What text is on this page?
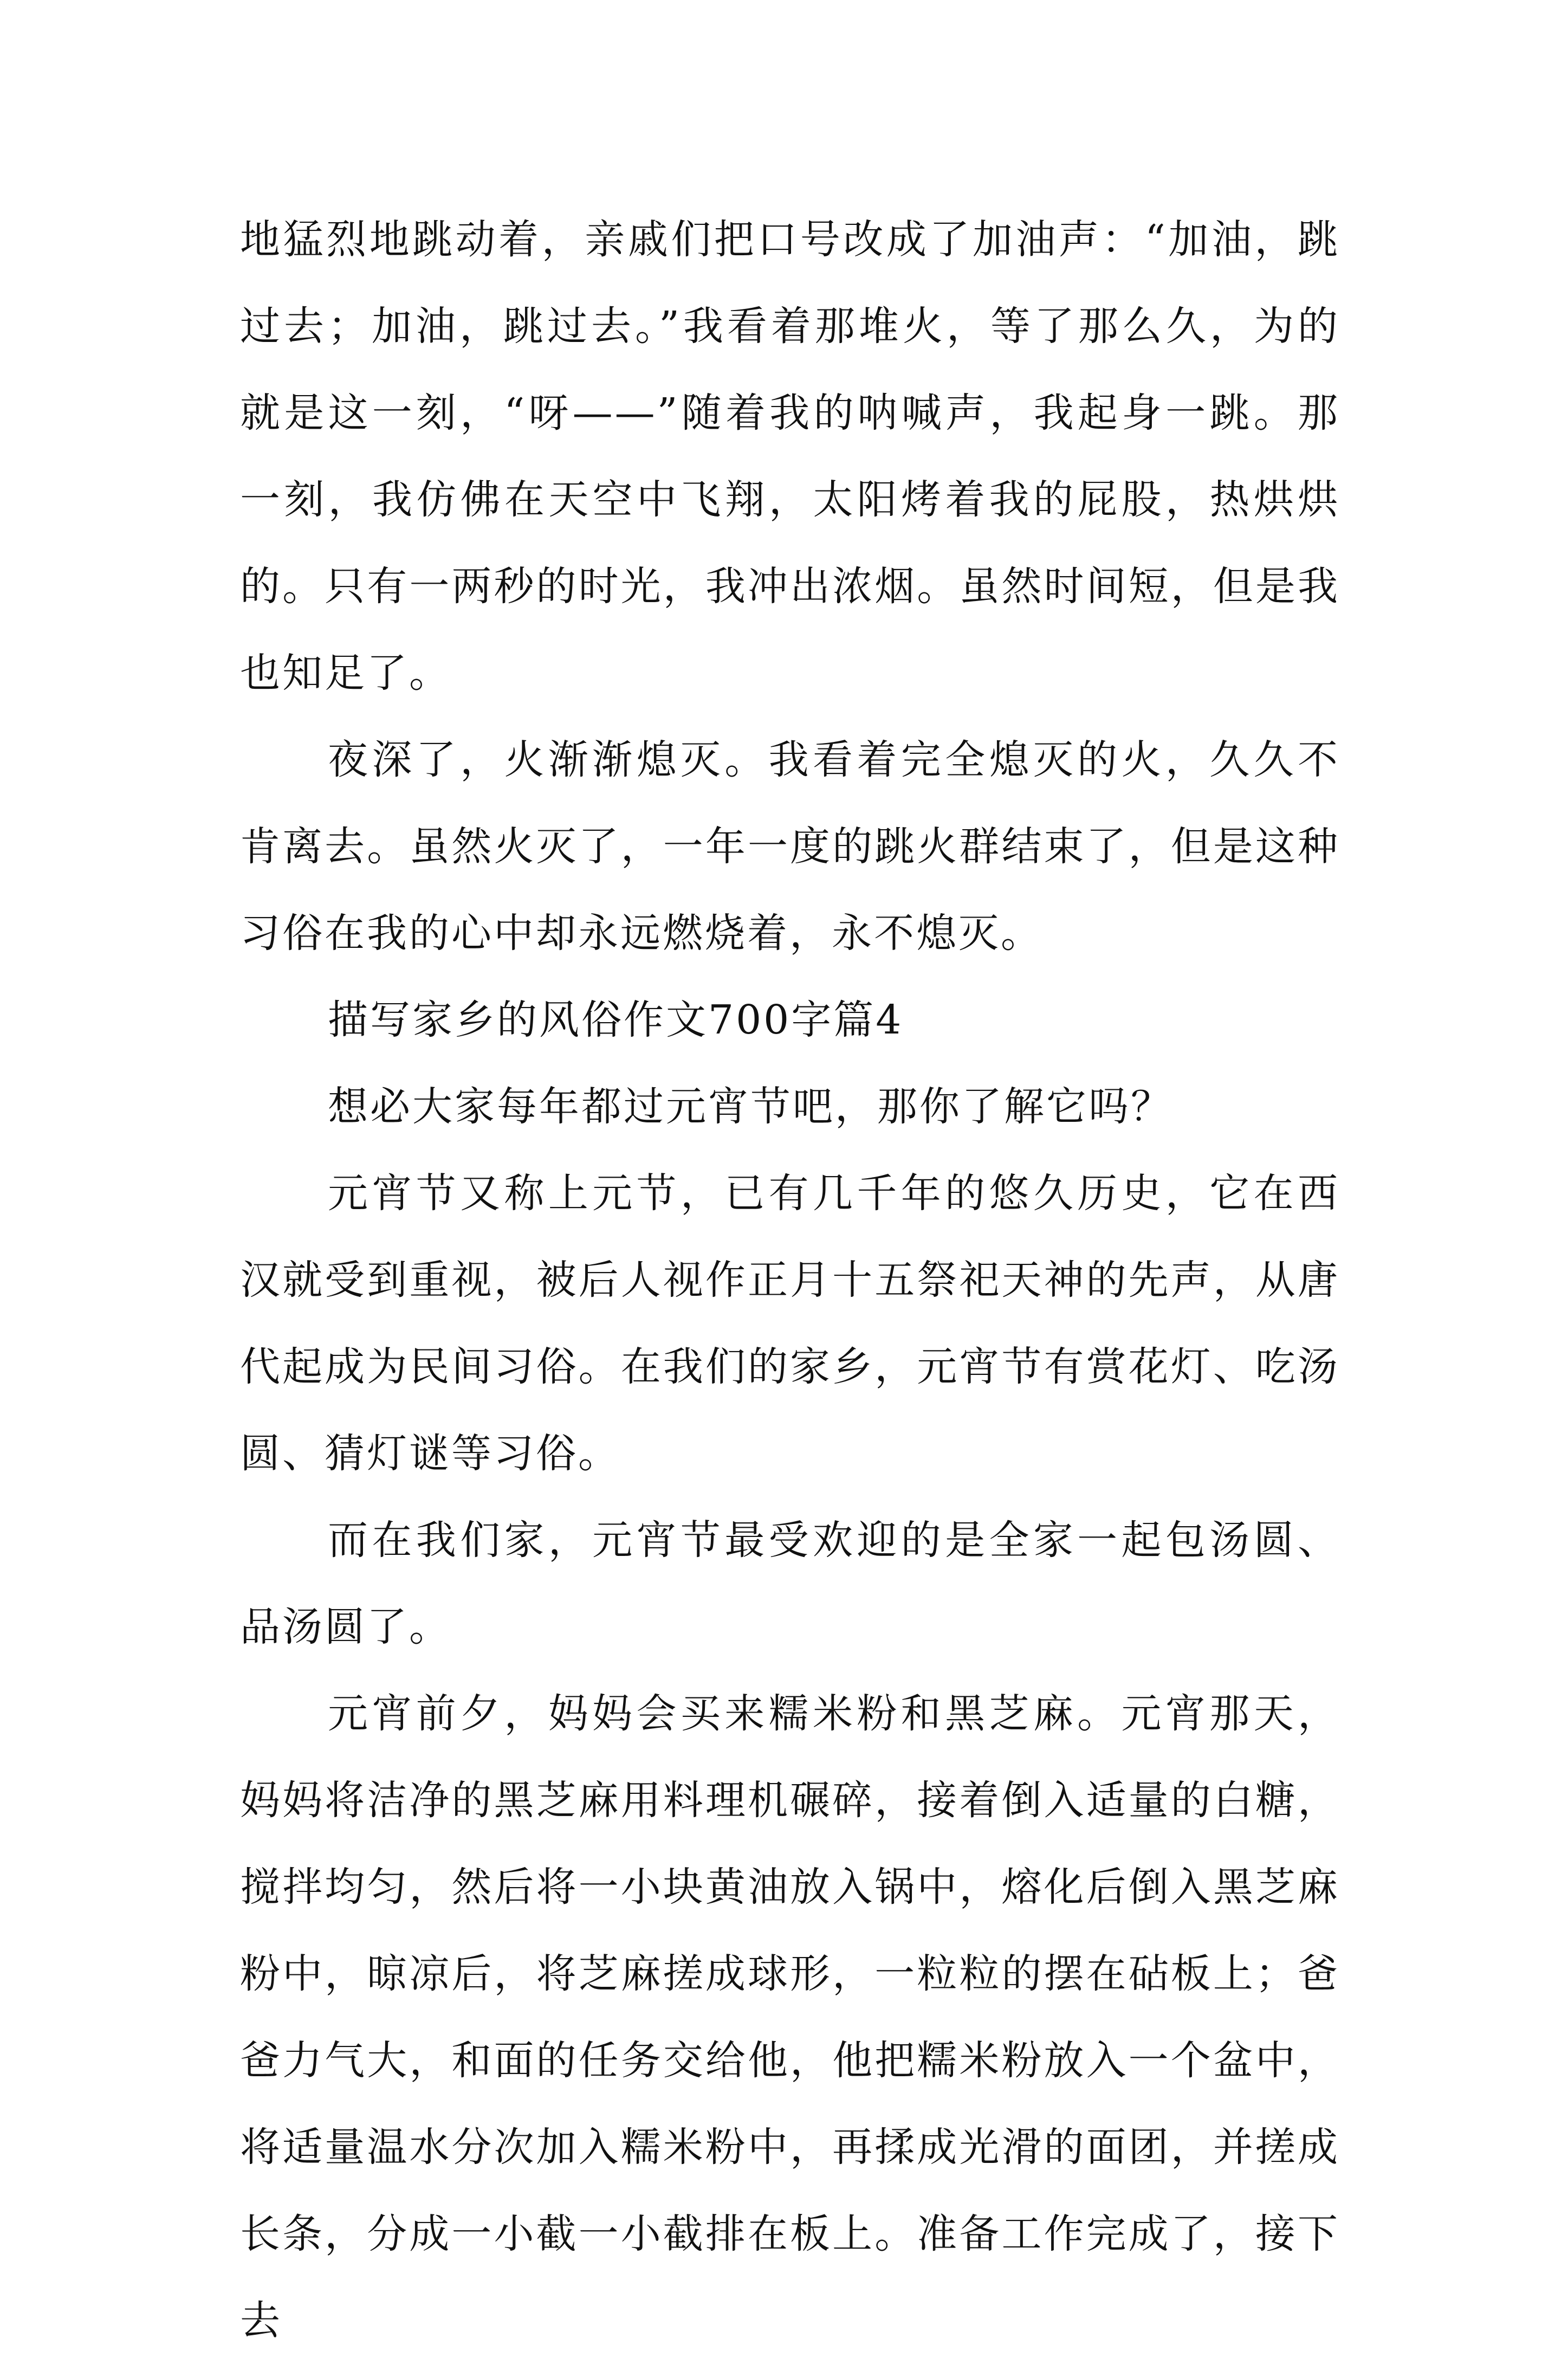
地猛烈地跳动着，亲戚们把口号改成了加油声：“加油，跳过去；加油，跳过去。”我看着那堆火，等了那么久，为的就是这一刻，“呀——”随着我的呐喊声，我起身一跳。那一刻，我仿佛在天空中飞翔，太阳烤着我的屁股，热烘烘的。只有一两秒的时光，我冲出浓烟。虽然时间短，但是我也知足了。

夜深了，火渐渐熄灭。我看着完全熄灭的火，久久不肯离去。虽然火灭了，一年一度的跳火群结束了，但是这种习俗在我的心中却永远燃烧着，永不熄灭。

描写家乡的风俗作文700字篇4

想必大家每年都过元宵节吧，那你了解它吗？

元宵节又称上元节，已有几千年的悠久历史，它在西汉就受到重视，被后人视作正月十五祭祀天神的先声，从唐代起成为民间习俗。在我们的家乡，元宵节有赏花灯、吃汤圆、猜灯谜等习俗。

而在我们家，元宵节最受欢迎的是全家一起包汤圆、品汤圆了。

元宵前夕，妈妈会买来糯米粉和黑芝麻。元宵那天，妈妈将洁净的黑芝麻用料理机碾碎，接着倒入适量的白糖，搅拌均匀，然后将一小块黄油放入锅中，熔化后倒入黑芝麻粉中，晾凉后，将芝麻搓成球形，一粒粒的摆在砧板上；爸爸力气大，和面的任务交给他，他把糯米粉放入一个盆中，将适量温水分次加入糯米粉中，再揉成光滑的面团，并搓成长条，分成一小截一小截排在板上。准备工作完成了，接下去
